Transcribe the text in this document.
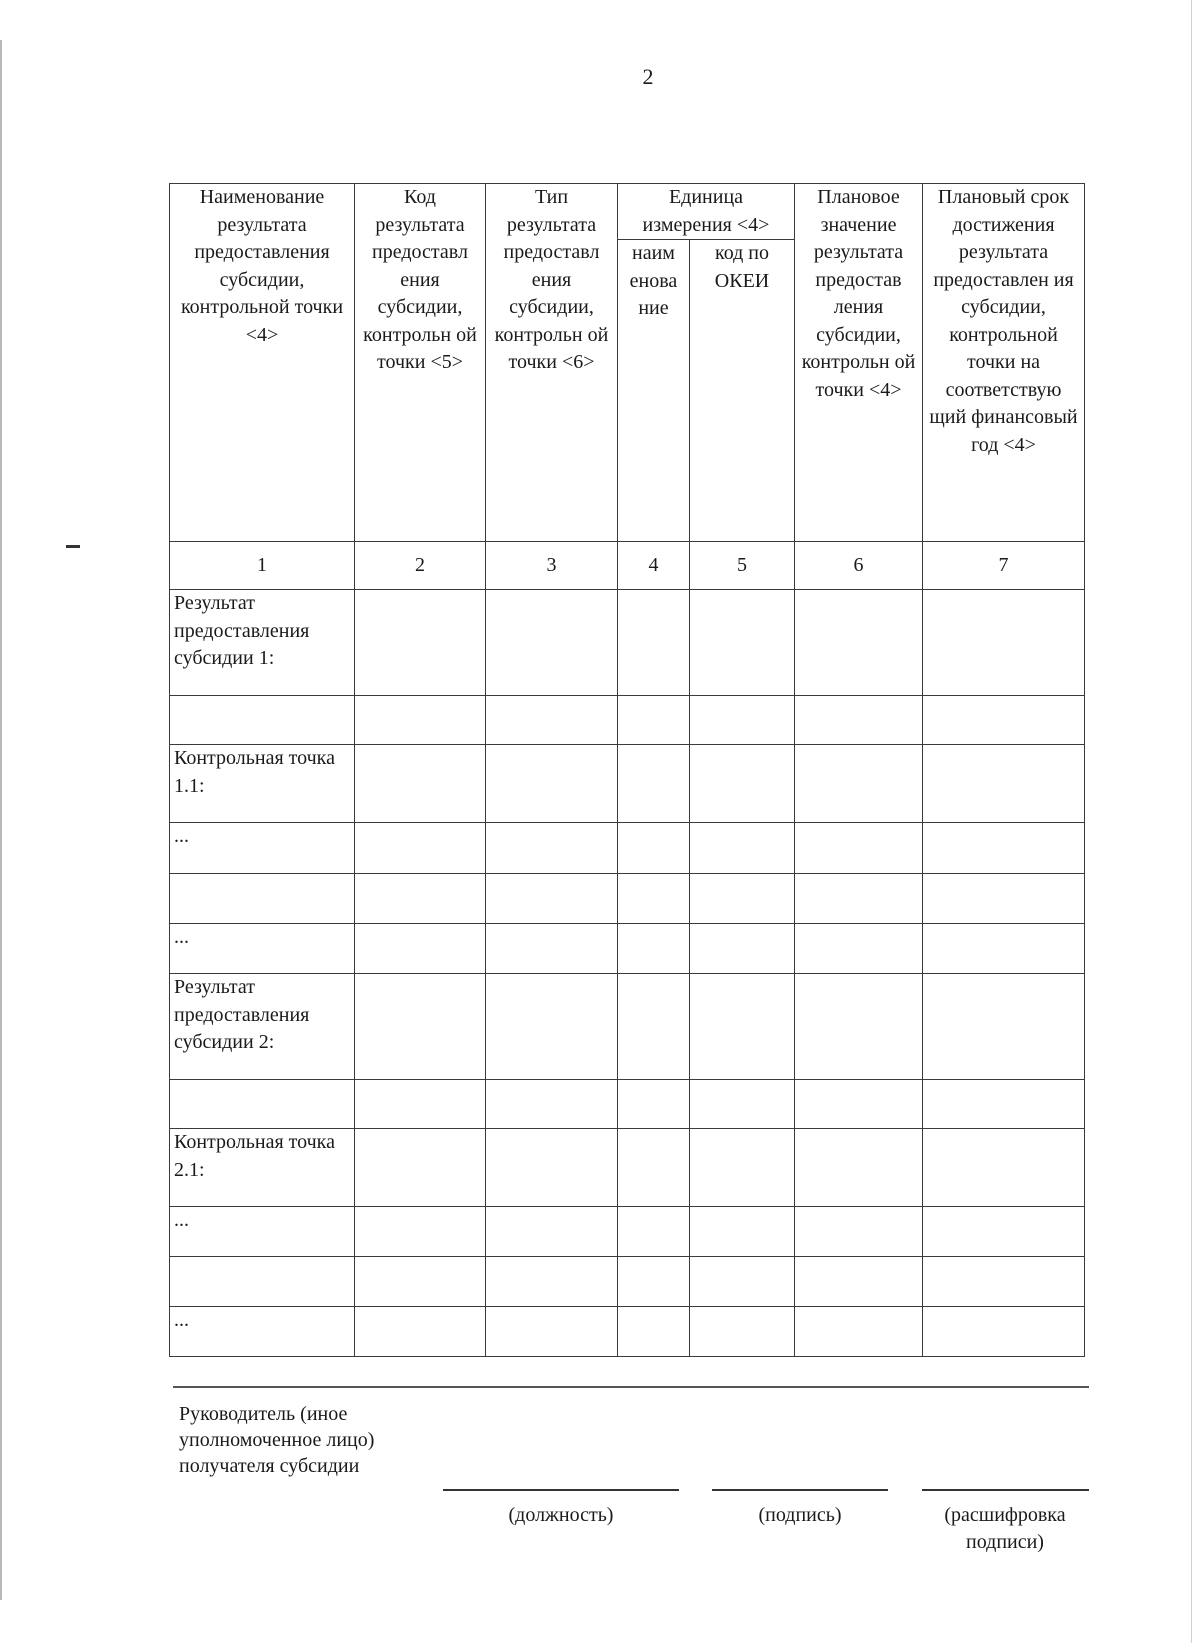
2
Наименование результата предоставления субсидии, контрольной точки <4>	Код результата предоставл ения субсидии, контрольн ой точки <5>	Тип результата предоставл ения субсидии, контрольн ой точки <6>	Единица измерения <4>		Плановое значение результата предостав ления субсидии, контрольн ой точки <4>	Плановый срок достижения результата предоставлен ия субсидии, контрольной точки на соответствую щий финансовый год <4>
			наим енова ние	код по ОКЕИ		
1	2	3	4	5	6	7
Результат предоставления субсидии 1:						

Контрольная точка 1.1:						
...						

...						
Результат предоставления субсидии 2:						

Контрольная точка 2.1:						
...						

...						
Руководитель (иное уполномоченное лицо) получателя субсидии
(должность)	(подпись)	(расшифровка подписи)
